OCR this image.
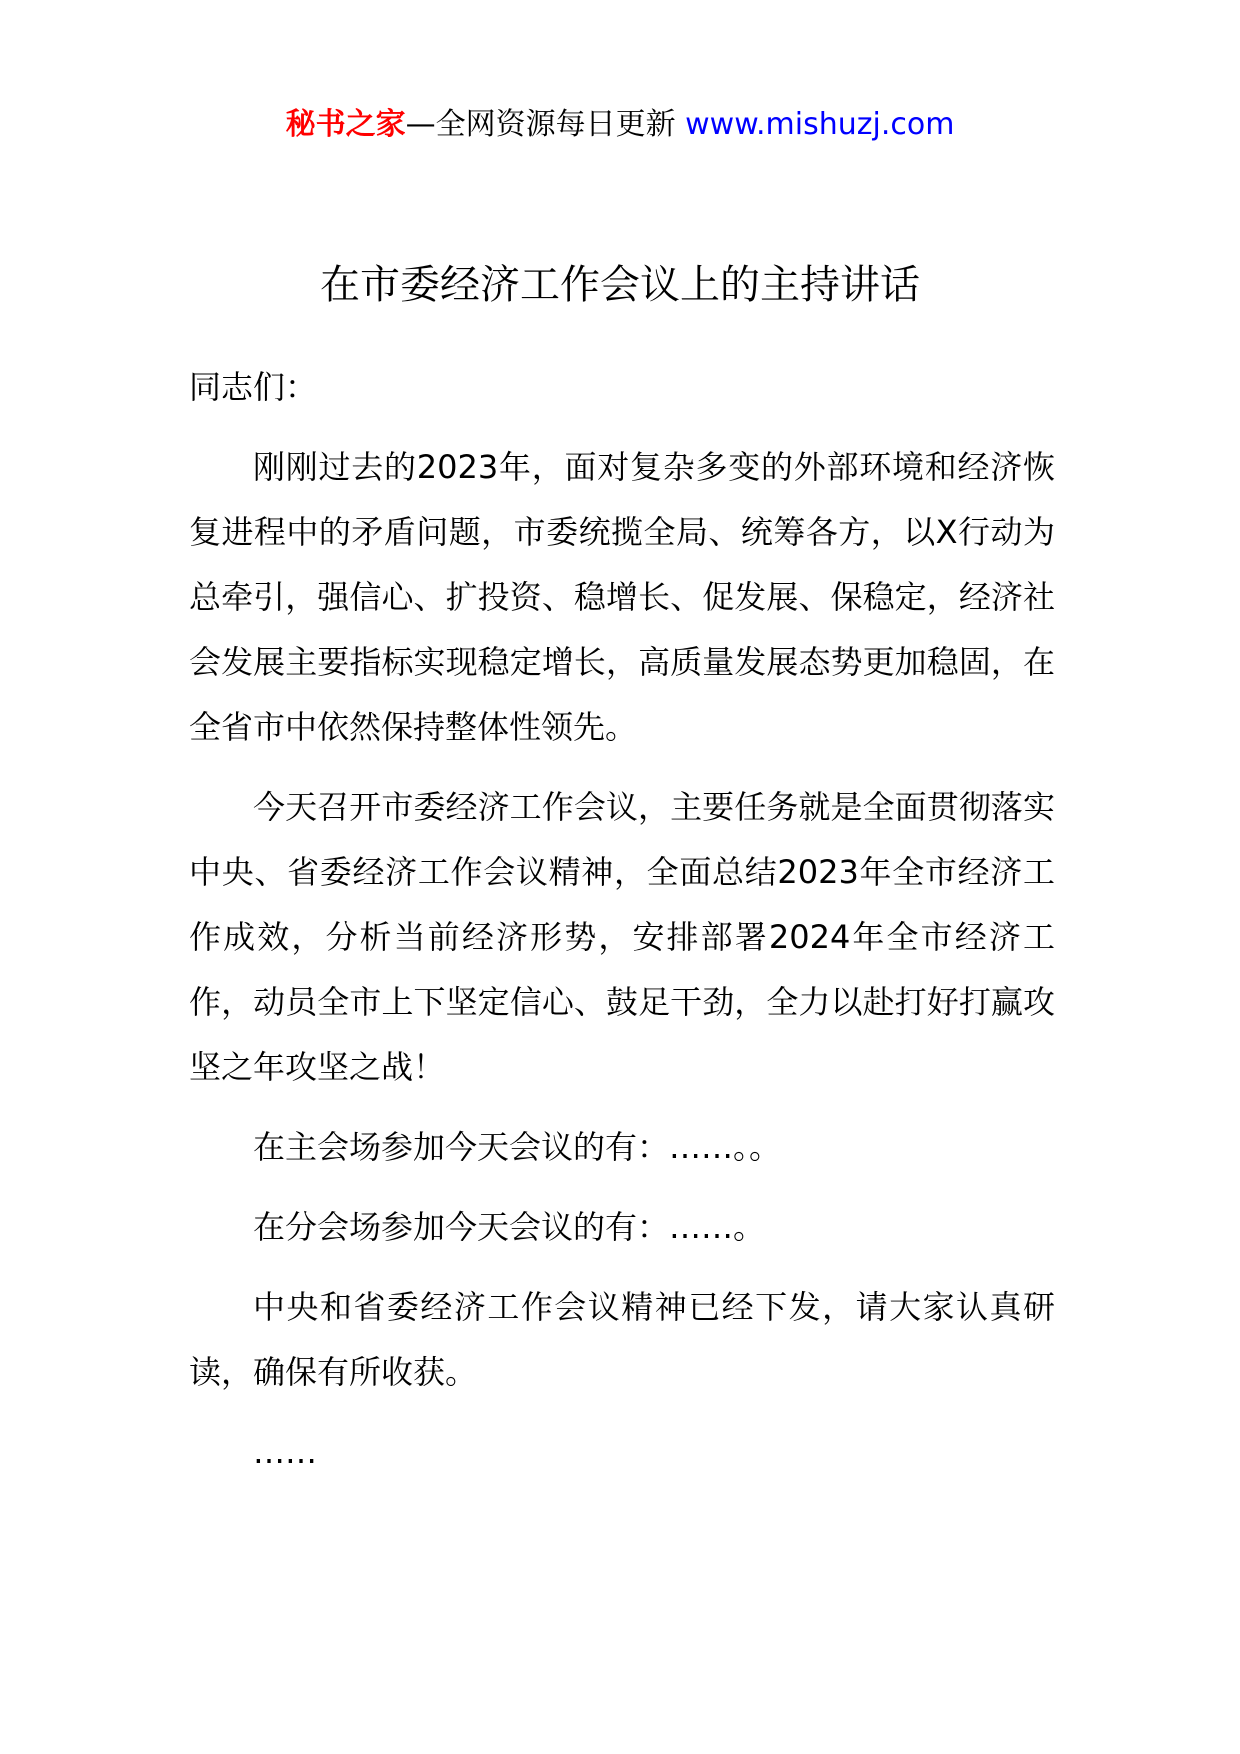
秘书之家—全网资源每日更新 www.mishuzj.com
在市委经济工作会议上的主持讲话

同志们：

刚刚过去的2023年，面对复杂多变的外部环境和经济恢复进程中的矛盾问题，市委统揽全局、统筹各方，以X行动为总牵引，强信心、扩投资、稳增长、促发展、保稳定，经济社会发展主要指标实现稳定增长，高质量发展态势更加稳固，在全省市中依然保持整体性领先。

今天召开市委经济工作会议，主要任务就是全面贯彻落实中央、省委经济工作会议精神，全面总结2023年全市经济工作成效，分析当前经济形势，安排部署2024年全市经济工作，动员全市上下坚定信心、鼓足干劲，全力以赴打好打赢攻坚之年攻坚之战！

在主会场参加今天会议的有：……。。

在分会场参加今天会议的有：……。

中央和省委经济工作会议精神已经下发，请大家认真研读，确保有所收获。

……
